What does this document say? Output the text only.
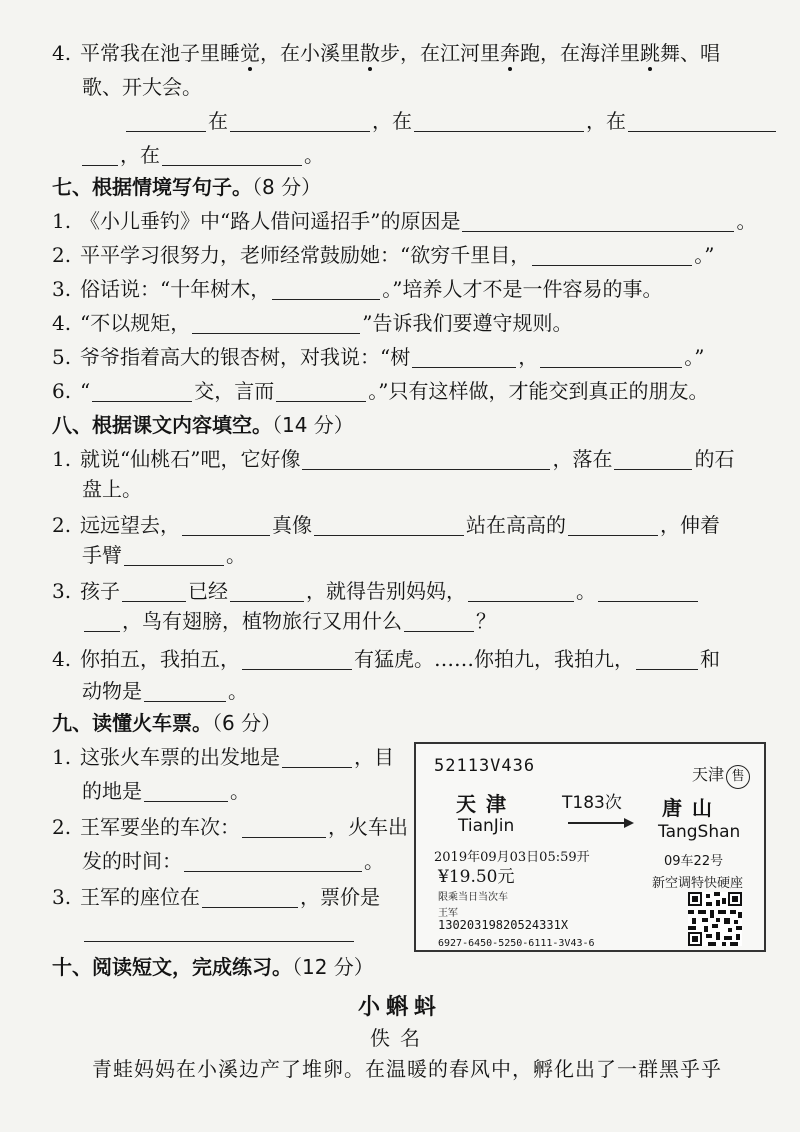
4. 平常我在池子里睡觉，在小溪里散步，在江河里奔跑，在海洋里跳舞、唱
歌、开大会。
在	，在	，在
，在	。
七、根据情境写句子。（8 分）
1. 《小儿垂钓》中“路人借问遥招手”的原因是	。
2. 平平学习很努力，老师经常鼓励她：“欲穷千里目，	。”
3. 俗话说：“十年树木，	。”培养人才不是一件容易的事。
4. “不以规矩，	”告诉我们要遵守规则。
5. 爷爷指着高大的银杏树，对我说：“树	，	。”
6. “	交，言而	。”只有这样做，才能交到真正的朋友。
八、根据课文内容填空。（14 分）
1. 就说“仙桃石”吧，它好像	，落在	的石
盘上。
2. 远远望去，	真像	站在高高的	，伸着
手臂	。
3. 孩子	已经	，就得告别妈妈，	。
，鸟有翅膀，植物旅行又用什么	？
4. 你拍五，我拍五，	有猛虎。……你拍九，我拍九，	和
动物是	。
九、读懂火车票。（6 分）
1. 这张火车票的出发地是	，目
的地是	。
2. 王军要坐的车次：	，火车出
发的时间：	。
3. 王军的座位在	，票价是
52113V436	天津 售
天津
TianJin
T183次 唐山
TangShan
2019年09月03日05:59开	09车22号
¥19.50元	新空调特快硬座
限乘当日当次车
王军
13020319820524331X
6927-6450-5250-6111-3V43-6
十、阅读短文，完成练习。（12 分）
小蝌蚪
佚名
青蛙妈妈在小溪边产了堆卵。在温暖的春风中，孵化出了一群黑乎乎
